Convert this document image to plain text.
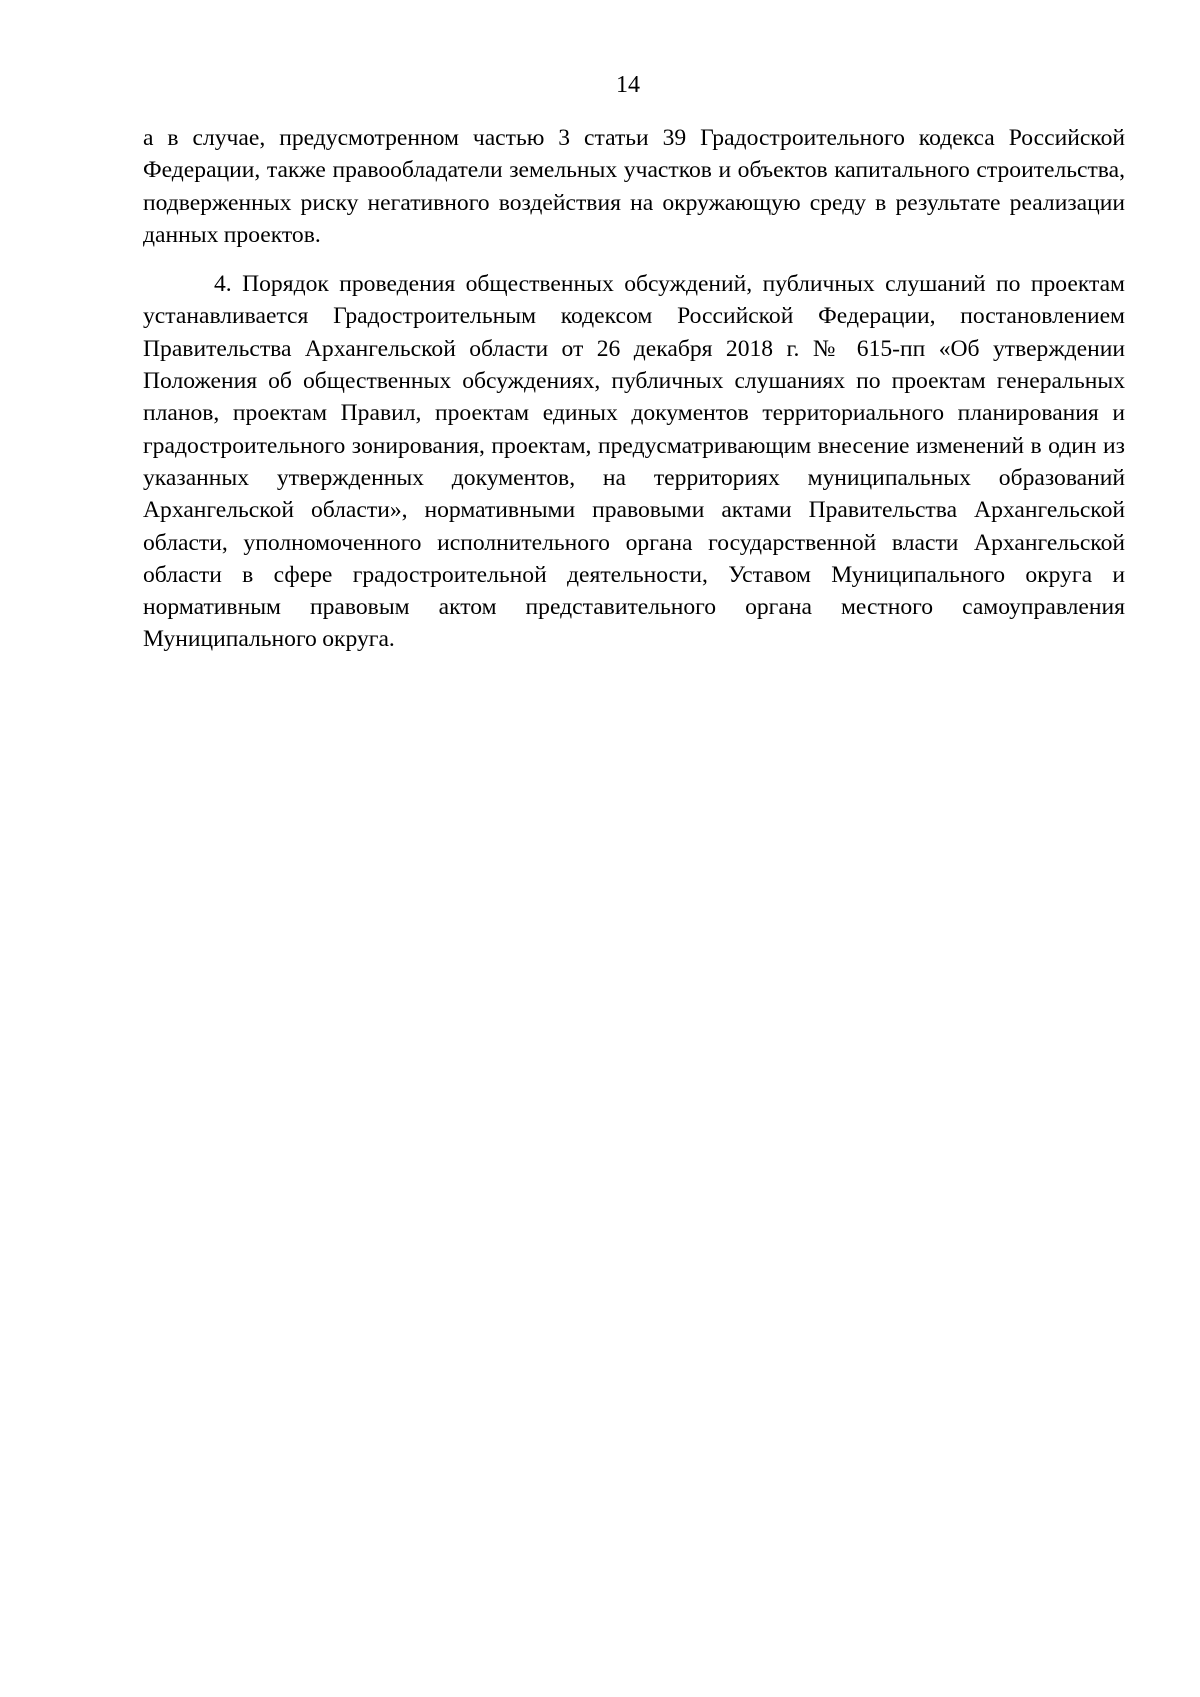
14

а в случае, предусмотренном частью 3 статьи 39 Градостроительного кодекса Российской Федерации, также правообладатели земельных участков и объектов капитального строительства, подверженных риску негативного воздействия на окружающую среду в результате реализации данных проектов.

4. Порядок проведения общественных обсуждений, публичных слушаний по проектам устанавливается Градостроительным кодексом Российской Федерации, постановлением Правительства Архангельской области от 26 декабря 2018 г. № 615-пп «Об утверждении Положения об общественных обсуждениях, публичных слушаниях по проектам генеральных планов, проектам Правил, проектам единых документов территориального планирования и градостроительного зонирования, проектам, предусматривающим внесение изменений в один из указанных утвержденных документов, на территориях муниципальных образований Архангельской области», нормативными правовыми актами Правительства Архангельской области, уполномоченного исполнительного органа государственной власти Архангельской области в сфере градостроительной деятельности, Уставом Муниципального округа и нормативным правовым актом представительного органа местного самоуправления Муниципального округа.
